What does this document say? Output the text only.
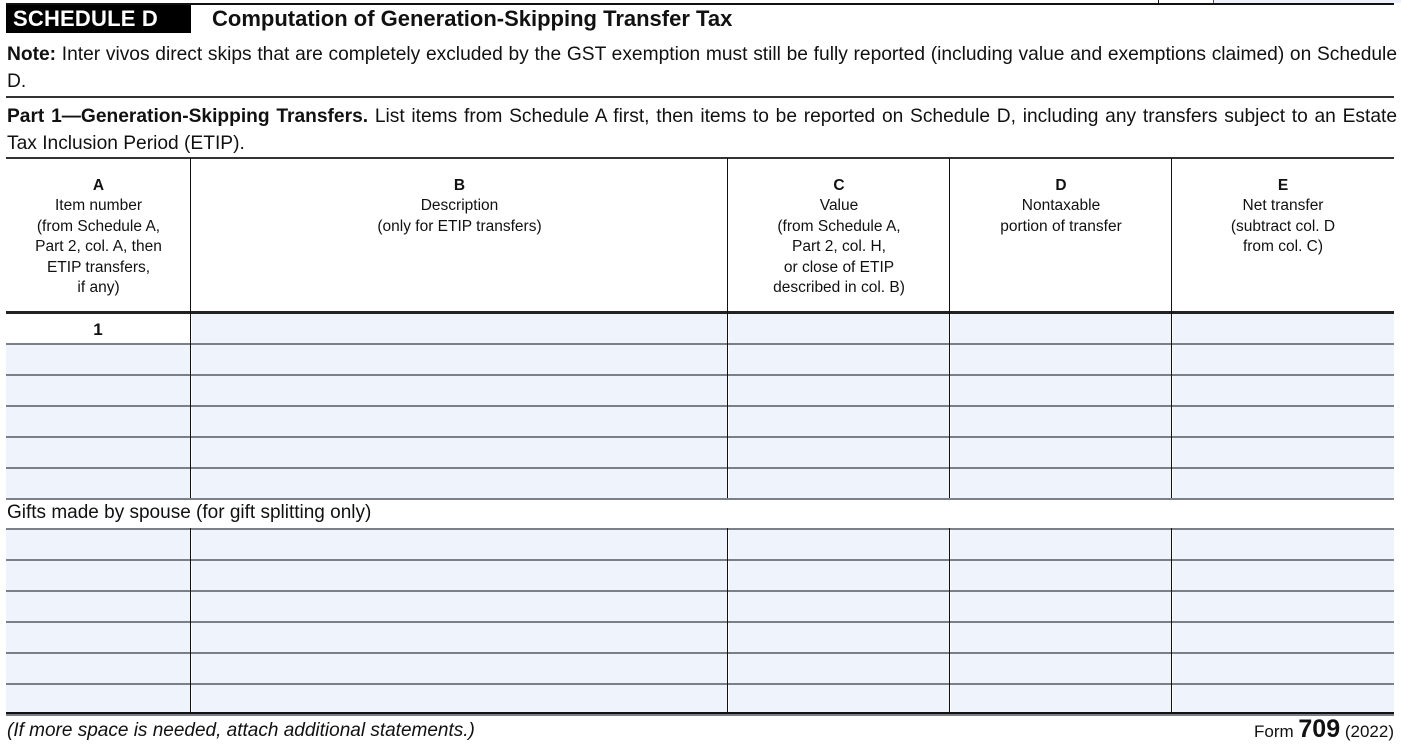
SCHEDULE D	Computation of Generation-Skipping Transfer Tax
Note: Inter vivos direct skips that are completely excluded by the GST exemption must still be fully reported (including value and exemptions claimed) on Schedule D.
Part 1—Generation-Skipping Transfers. List items from Schedule A first, then items to be reported on Schedule D, including any transfers subject to an Estate Tax Inclusion Period (ETIP).
A
Item number
(from Schedule A,
Part 2, col. A, then
ETIP transfers,
if any)
B
Description
(only for ETIP transfers)
C
Value
(from Schedule A,
Part 2, col. H,
or close of ETIP
described in col. B)
D
Nontaxable
portion of transfer
E
Net transfer
(subtract col. D
from col. C)
1
Gifts made by spouse (for gift splitting only)
(If more space is needed, attach additional statements.)	Form 709 (2022)
